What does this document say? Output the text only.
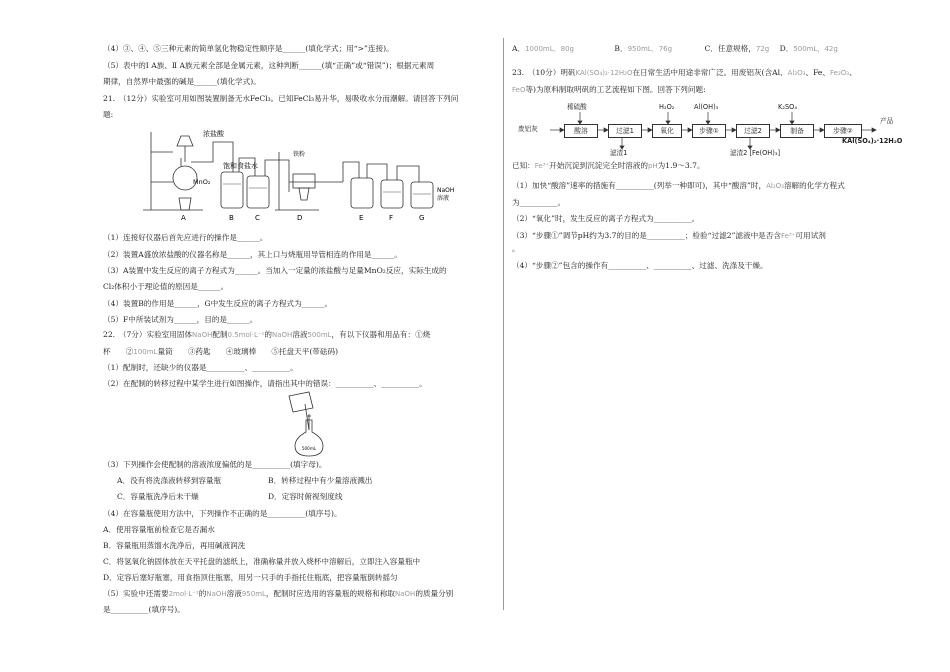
（4）③、④、⑤三种元素的简单氢化物稳定性顺序是______(填化学式；用“>”连接)。
（5）表中的Ⅰ A族、Ⅱ A族元素全部是金属元素，这种判断______(填“正确”或“错误”)；根据元素周
期律，自然界中最强的碱是______(填化学式)。
21.　（12分）实验室可用如图装置制备无水FeCl₃。已知FeCl₃易升华，易吸收水分而潮解。请回答下列问
题:
浓盐酸
饱和食盐水
铁粉
MnO₂
NaOH
溶液
A	B	C	D	E	F	G
（1）连接好仪器后首先应进行的操作是______。
（2）装置A盛放浓盐酸的仪器名称是______，其上口与烧瓶用导管相连的作用是______。
（3）A装置中发生反应的离子方程式为______。当加入一定量的浓盐酸与足量MnO₂反应，实际生成的
Cl₂体积小于理论值的原因是______。
（4）装置B的作用是______，G中发生反应的离子方程式为______。
（5）F中所装试剂为______，目的是______。
22.　（7分）实验室用固体NaOH配制0.5mol·L⁻¹的NaOH溶液500mL，有以下仪器和用品有：①烧
杯　　 ②100mL量筒　　③药匙　　④玻璃棒　　⑤托盘天平(带砝码)
（1）配制时，还缺少的仪器是__________、__________。
（2）在配制的转移过程中某学生进行如图操作，请指出其中的错误：__________、__________。
500 mL
（3）下列操作会使配制的溶液浓度偏低的是__________(填字母)。
A．没有将洗涤液转移到容量瓶	B．转移过程中有少量溶液溅出
C．容量瓶洗净后未干燥	D．定容时俯视刻度线
（4）在容量瓶使用方法中，下列操作不正确的是__________(填序号)。
A．使用容量瓶前检查它是否漏水
B．容量瓶用蒸馏水洗净后，再用碱液润洗
C．将氢氧化钠固体放在天平托盘的滤纸上，准确称量并放入烧杯中溶解后，立即注入容量瓶中
D．定容后塞好瓶塞，用食指顶住瓶塞，用另一只手的手指托住瓶底，把容量瓶倒转摇匀
（5）实验中还需要2mol·L⁻¹的NaOH溶液950mL，配制时应选用的容量瓶的规格和称取NaOH的质量分别
是__________(填序号)。
A．1000mL，80g	B．950mL，76g	C．任意规格，72g D．500mL，42g
23.　（10分）明矾KAl(SO₄)₂·12H₂O在日常生活中用途非常广泛。用废铝灰(含Al、Al₂O₃、Fe、Fe₂O₃、
FeO等)为原料制取明矾的工艺流程如下图。回答下列问题:
稀硫酸	H₂O₂	Al(OH)₃	K₂SO₄
废铝灰	酸溶	过滤1	氧化	步骤①	过滤2	制备	步骤②
滤渣1	滤渣2 [Fe(OH)₃]
产品
KAl(SO₄)₂·12H₂O
已知：Fe³⁺开始沉淀到沉淀完全时溶液的pH为1.9～3.7。
（1）加快“酸溶”速率的措施有__________(列举一种即可)，其中“酸溶”时，Al₂O₃溶解的化学方程式
为__________。
（2）“氧化”时，发生反应的离子方程式为__________。
（3）“步骤①”调节pH约为3.7的目的是__________；检验“过滤2”滤液中是否含Fe³⁺可用试剂
。
（4）“步骤②”包含的操作有__________、__________、过滤、洗涤及干燥。
